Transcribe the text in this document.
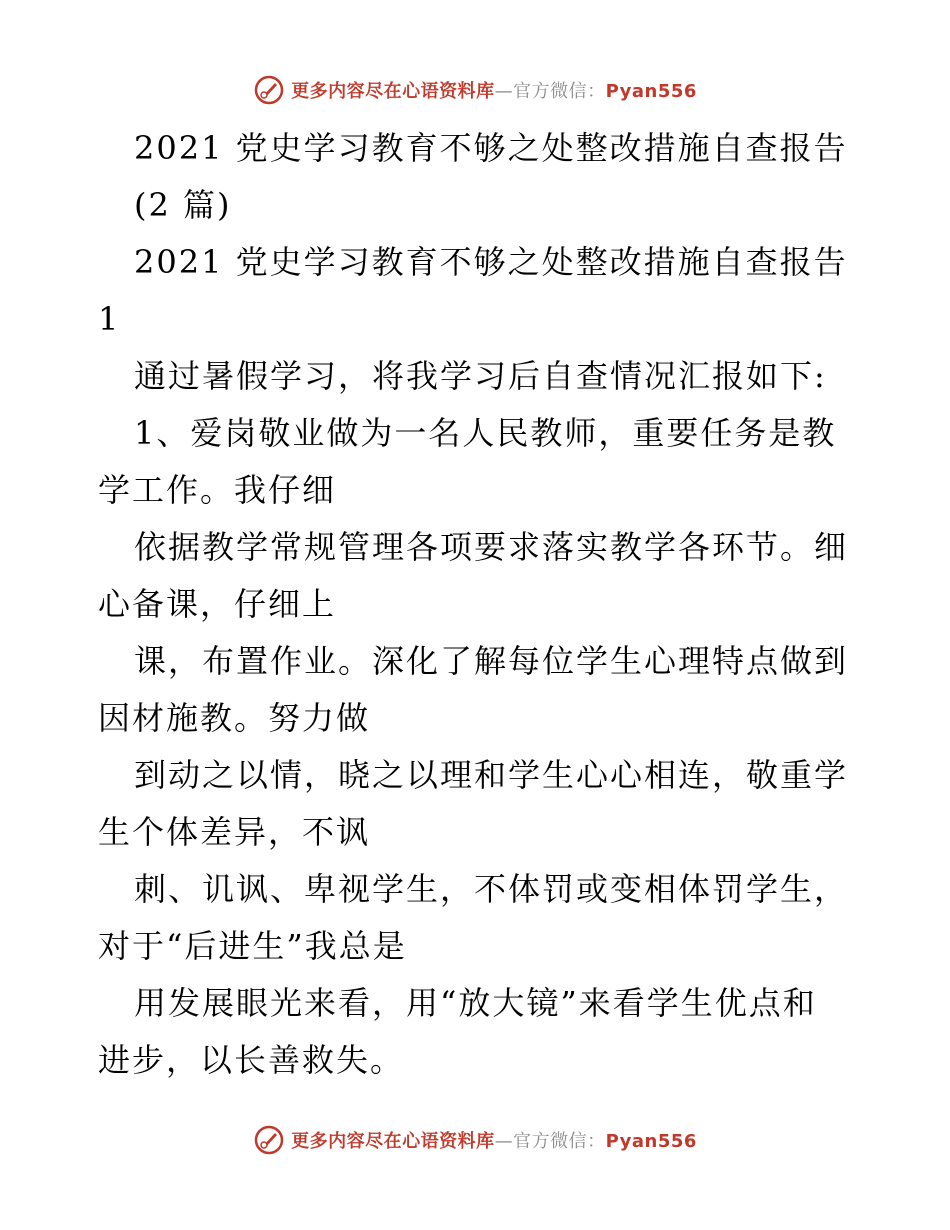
更多内容尽在心语资料库—官方微信：Pyan556
2021 党史学习教育不够之处整改措施自查报告
(2 篇)
2021 党史学习教育不够之处整改措施自查报告
1
通过暑假学习，将我学习后自查情况汇报如下:
1、爱岗敬业做为一名人民教师，重要任务是教
学工作。我仔细
依据教学常规管理各项要求落实教学各环节。细
心备课，仔细上
课，布置作业。深化了解每位学生心理特点做到
因材施教。努力做
到动之以情，晓之以理和学生心心相连，敬重学
生个体差异，不讽
刺、讥讽、卑视学生，不体罚或变相体罚学生，
对于“后进生”我总是
用发展眼光来看，用“放大镜”来看学生优点和
进步，以长善救失。
更多内容尽在心语资料库—官方微信：Pyan556
